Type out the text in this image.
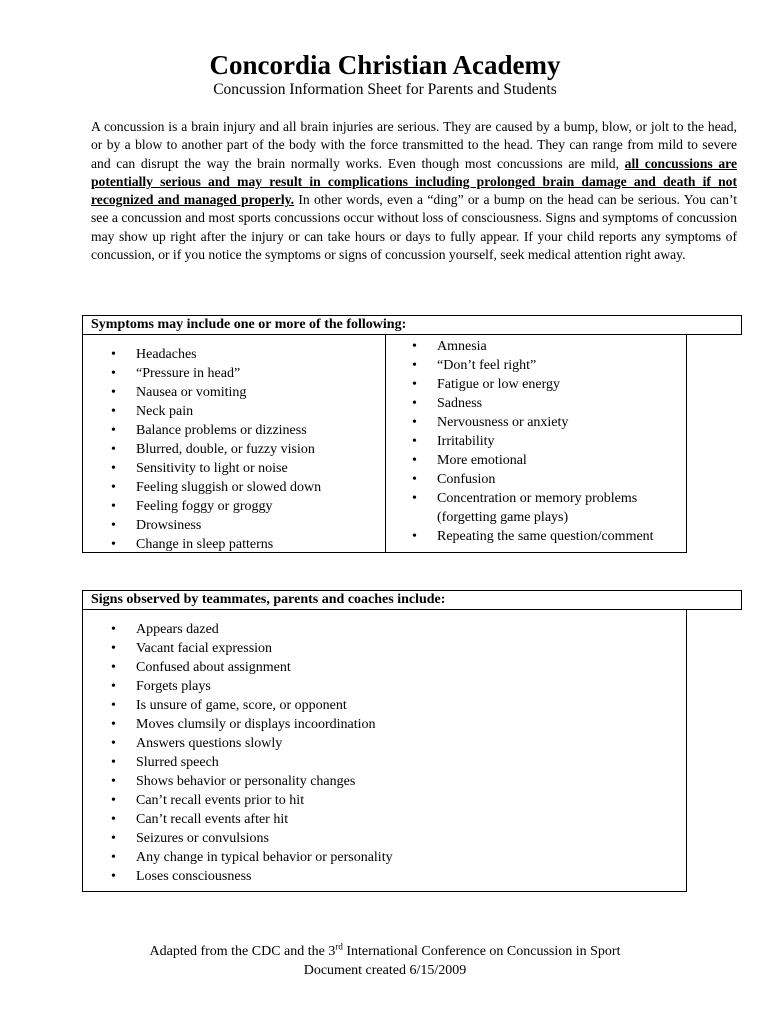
Concordia Christian Academy

Concussion Information Sheet for Parents and Students

A concussion is a brain injury and all brain injuries are serious. They are caused by a bump, blow, or jolt to the head, or by a blow to another part of the body with the force transmitted to the head. They can range from mild to severe and can disrupt the way the brain normally works. Even though most concussions are mild, all concussions are potentially serious and may result in complications including prolonged brain damage and death if not recognized and managed properly. In other words, even a “ding” or a bump on the head can be serious. You can’t see a concussion and most sports concussions occur without loss of consciousness. Signs and symptoms of concussion may show up right after the injury or can take hours or days to fully appear. If your child reports any symptoms of concussion, or if you notice the symptoms or signs of concussion yourself, seek medical attention right away.

Symptoms may include one or more of the following:
• Headaches
• “Pressure in head”
• Nausea or vomiting
• Neck pain
• Balance problems or dizziness
• Blurred, double, or fuzzy vision
• Sensitivity to light or noise
• Feeling sluggish or slowed down
• Feeling foggy or groggy
• Drowsiness
• Change in sleep patterns
• Amnesia
• “Don’t feel right”
• Fatigue or low energy
• Sadness
• Nervousness or anxiety
• Irritability
• More emotional
• Confusion
• Concentration or memory problems (forgetting game plays)
• Repeating the same question/comment
Signs observed by teammates, parents and coaches include:
• Appears dazed
• Vacant facial expression
• Confused about assignment
• Forgets plays
• Is unsure of game, score, or opponent
• Moves clumsily or displays incoordination
• Answers questions slowly
• Slurred speech
• Shows behavior or personality changes
• Can’t recall events prior to hit
• Can’t recall events after hit
• Seizures or convulsions
• Any change in typical behavior or personality
• Loses consciousness
Adapted from the CDC and the 3rd International Conference on Concussion in Sport
Document created 6/15/2009
